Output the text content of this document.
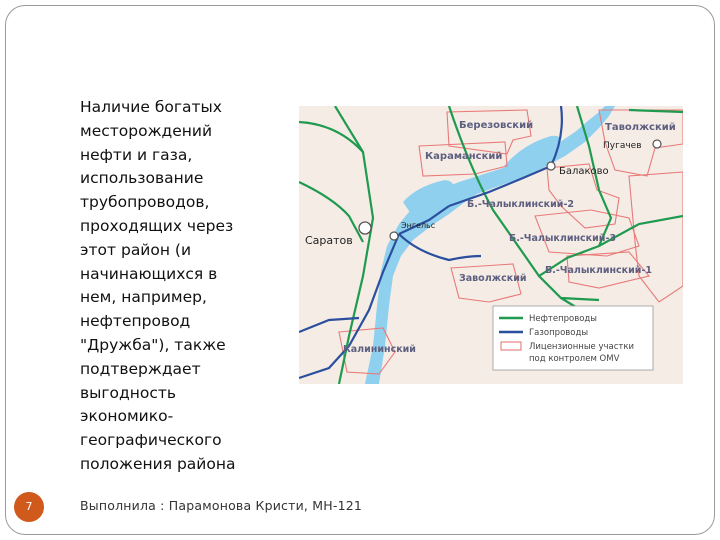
Наличие богатых
месторождений
нефти и газа,
использование
трубопроводов,
проходящих через
этот район (и
начинающихся в
нем, например,
нефтепровод
"Дружба"), также
подтверждает
выгодность
экономико-
географического
положения района
Березовский	Таволжский
Караманский
Б.-Чалыклинский-2
Б.-Чалыклинский-3
Заволжский
Б.-Чалыклинский-1
Калининский
Саратов
Энгельс
Балаково
Пугачев
Нефтепроводы
Газопроводы
Лицензионные участки
под контролем OMV
7	Выполнила : Парамонова Кристи, МН-121
